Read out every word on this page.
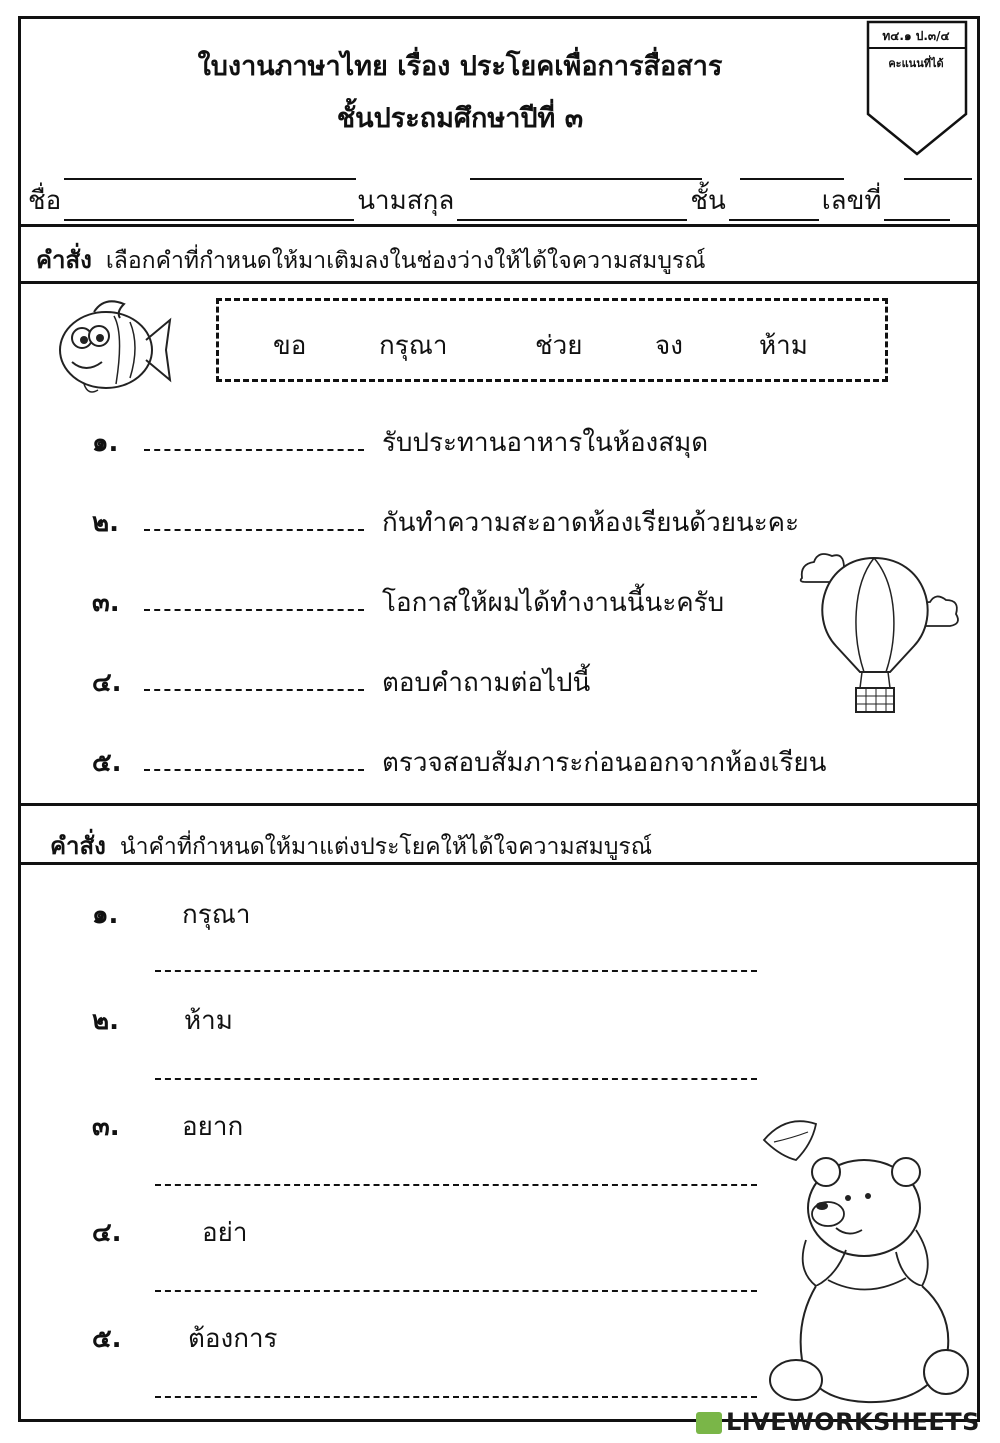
ใบงานภาษาไทย เรื่อง ประโยคเพื่อการสื่อสาร
ชั้นประถมศึกษาปีที่ ๓
ท๔.๑ ป.๓/๔
คะแนนที่ได้
ชื่อ	นามสกุล	ชั้น	เลขที่
คำสั่ง เลือกคำที่กำหนดให้มาเติมลงในช่องว่างให้ได้ใจความสมบูรณ์
ขอ	กรุณา	ช่วย	จง	ห้าม
๑.	รับประทานอาหารในห้องสมุด
๒.	กันทำความสะอาดห้องเรียนด้วยนะคะ
๓.	โอกาสให้ผมได้ทำงานนี้นะครับ
๔.	ตอบคำถามต่อไปนี้
๕.	ตรวจสอบสัมภาระก่อนออกจากห้องเรียน
คำสั่ง นำคำที่กำหนดให้มาแต่งประโยคให้ได้ใจความสมบูรณ์
๑. กรุณา
๒. ห้าม
๓. อยาก
๔.	อย่า
๕.	ต้องการ
LIVEWORKSHEETS
